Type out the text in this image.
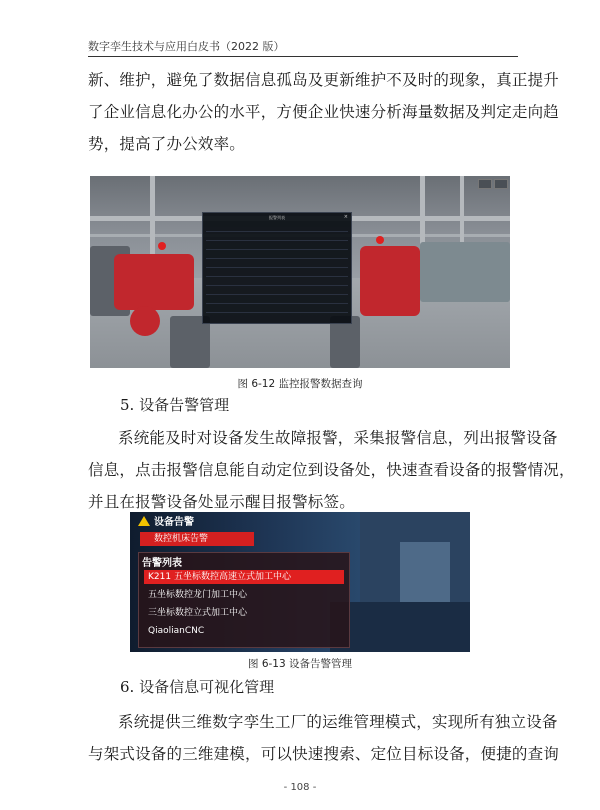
数字孪生技术与应用白皮书（2022 版）
新、维护，避免了数据信息孤岛及更新维护不及时的现象，真正提升
了企业信息化办公的水平，方便企业快速分析海量数据及判定走向趋
势，提高了办公效率。
报警列表	×

图 6-12 监控报警数据查询
5. 设备告警管理
系统能及时对设备发生故障报警，采集报警信息，列出报警设备
信息，点击报警信息能自动定位到设备处，快速查看设备的报警情况，
并且在报警设备处显示醒目报警标签。
设备告警
数控机床告警
告警列表
K211 五坐标数控高速立式加工中心
五坐标数控龙门加工中心
三坐标数控立式加工中心
QiaolianCNC
图 6-13 设备告警管理
6. 设备信息可视化管理
系统提供三维数字孪生工厂的运维管理模式，实现所有独立设备
与架式设备的三维建模，可以快速搜索、定位目标设备，便捷的查询
- 108 -
